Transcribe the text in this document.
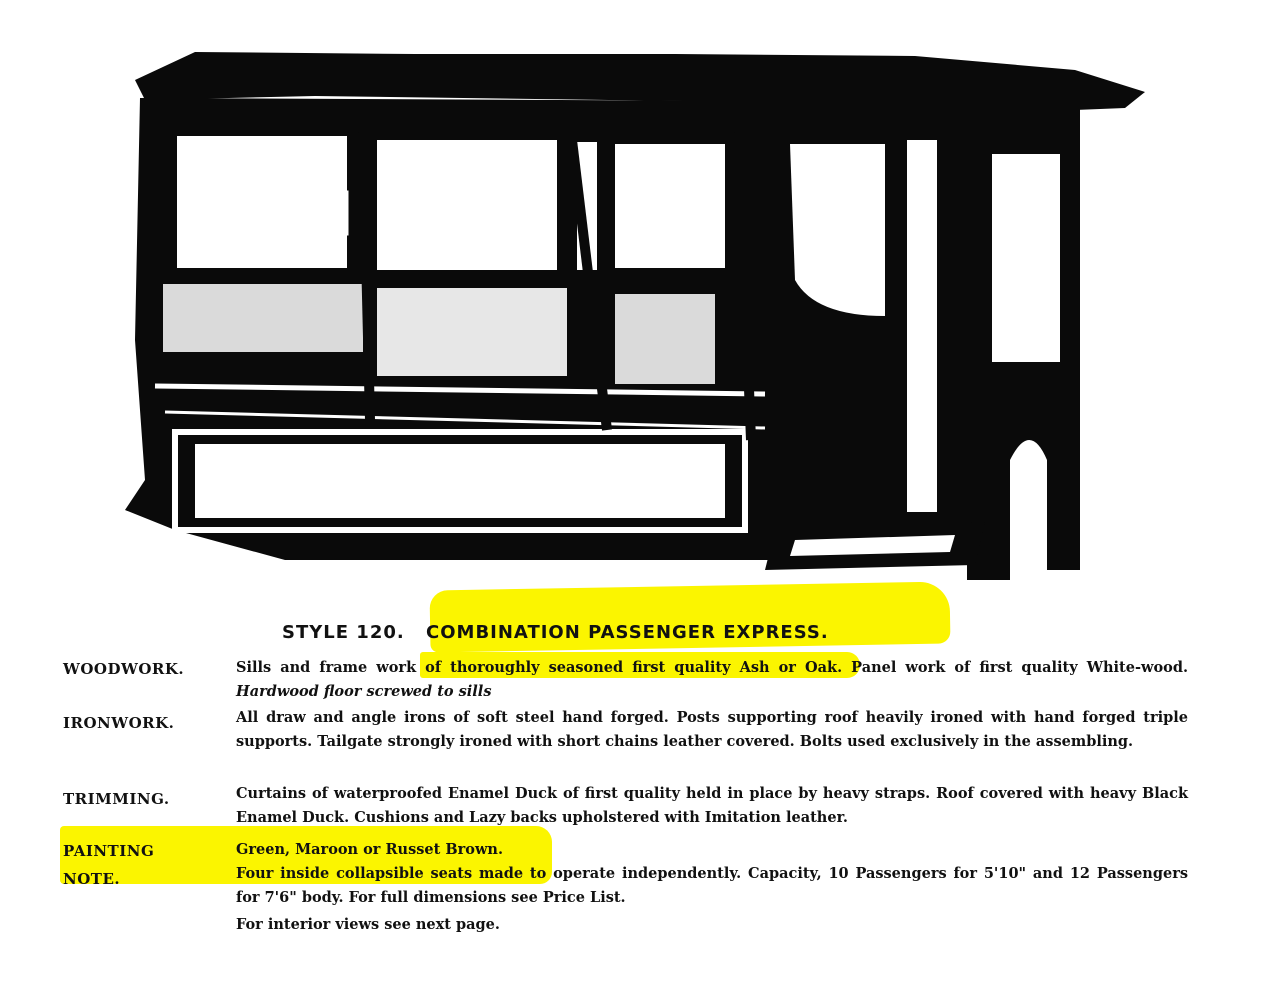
STYLE 120. COMBINATION PASSENGER EXPRESS.
WOODWORK.	Sills and frame work of thoroughly seasoned first quality Ash or Oak. Panel work of first quality White-wood. Hardwood floor screwed to sills
IRONWORK.	All draw and angle irons of soft steel hand forged. Posts supporting roof heavily ironed with hand forged triple supports. Tailgate strongly ironed with short chains leather covered. Bolts used exclusively in the assembling.
TRIMMING.	Curtains of waterproofed Enamel Duck of first quality held in place by heavy straps. Roof covered with heavy Black Enamel Duck. Cushions and Lazy backs upholstered with Imitation leather.
PAINTING	Green, Maroon or Russet Brown.
NOTE.	Four inside collapsible seats made to operate independently. Capacity, 10 Passengers for 5'10" and 12 Passengers for 7'6" body. For full dimensions see Price List.
For interior views see next page.
